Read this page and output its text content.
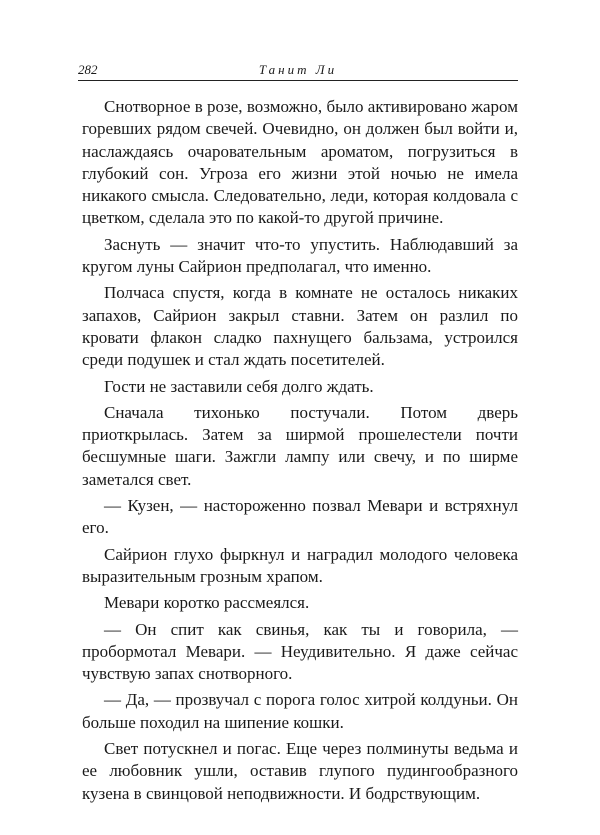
282	Танит Ли

Снотворное в розе, возможно, было активировано жаром горевших рядом свечей. Очевидно, он должен был войти и, наслаждаясь очаровательным ароматом, погрузиться в глубокий сон. Угроза его жизни этой ночью не имела никакого смысла. Следовательно, леди, которая колдовала с цветком, сделала это по какой-то другой причине.

Заснуть — значит что-то упустить. Наблюдавший за кругом луны Сайрион предполагал, что именно.

Полчаса спустя, когда в комнате не осталось никаких запахов, Сайрион закрыл ставни. Затем он разлил по кровати флакон сладко пахнущего бальзама, устроился среди подушек и стал ждать посетителей.

Гости не заставили себя долго ждать.

Сначала тихонько постучали. Потом дверь приоткрылась. Затем за ширмой прошелестели почти бесшумные шаги. Зажгли лампу или свечу, и по ширме заметался свет.

— Кузен, — настороженно позвал Мевари и встряхнул его.

Сайрион глухо фыркнул и наградил молодого человека выразительным грозным храпом.

Мевари коротко рассмеялся.

— Он спит как свинья, как ты и говорила, — пробормотал Мевари. — Неудивительно. Я даже сейчас чувствую запах снотворного.

— Да, — прозвучал с порога голос хитрой колдуньи. Он больше походил на шипение кошки.

Свет потускнел и погас. Еще через полминуты ведьма и ее любовник ушли, оставив глупого пудингообразного кузена в свинцовой неподвижности. И бодрствующим.
